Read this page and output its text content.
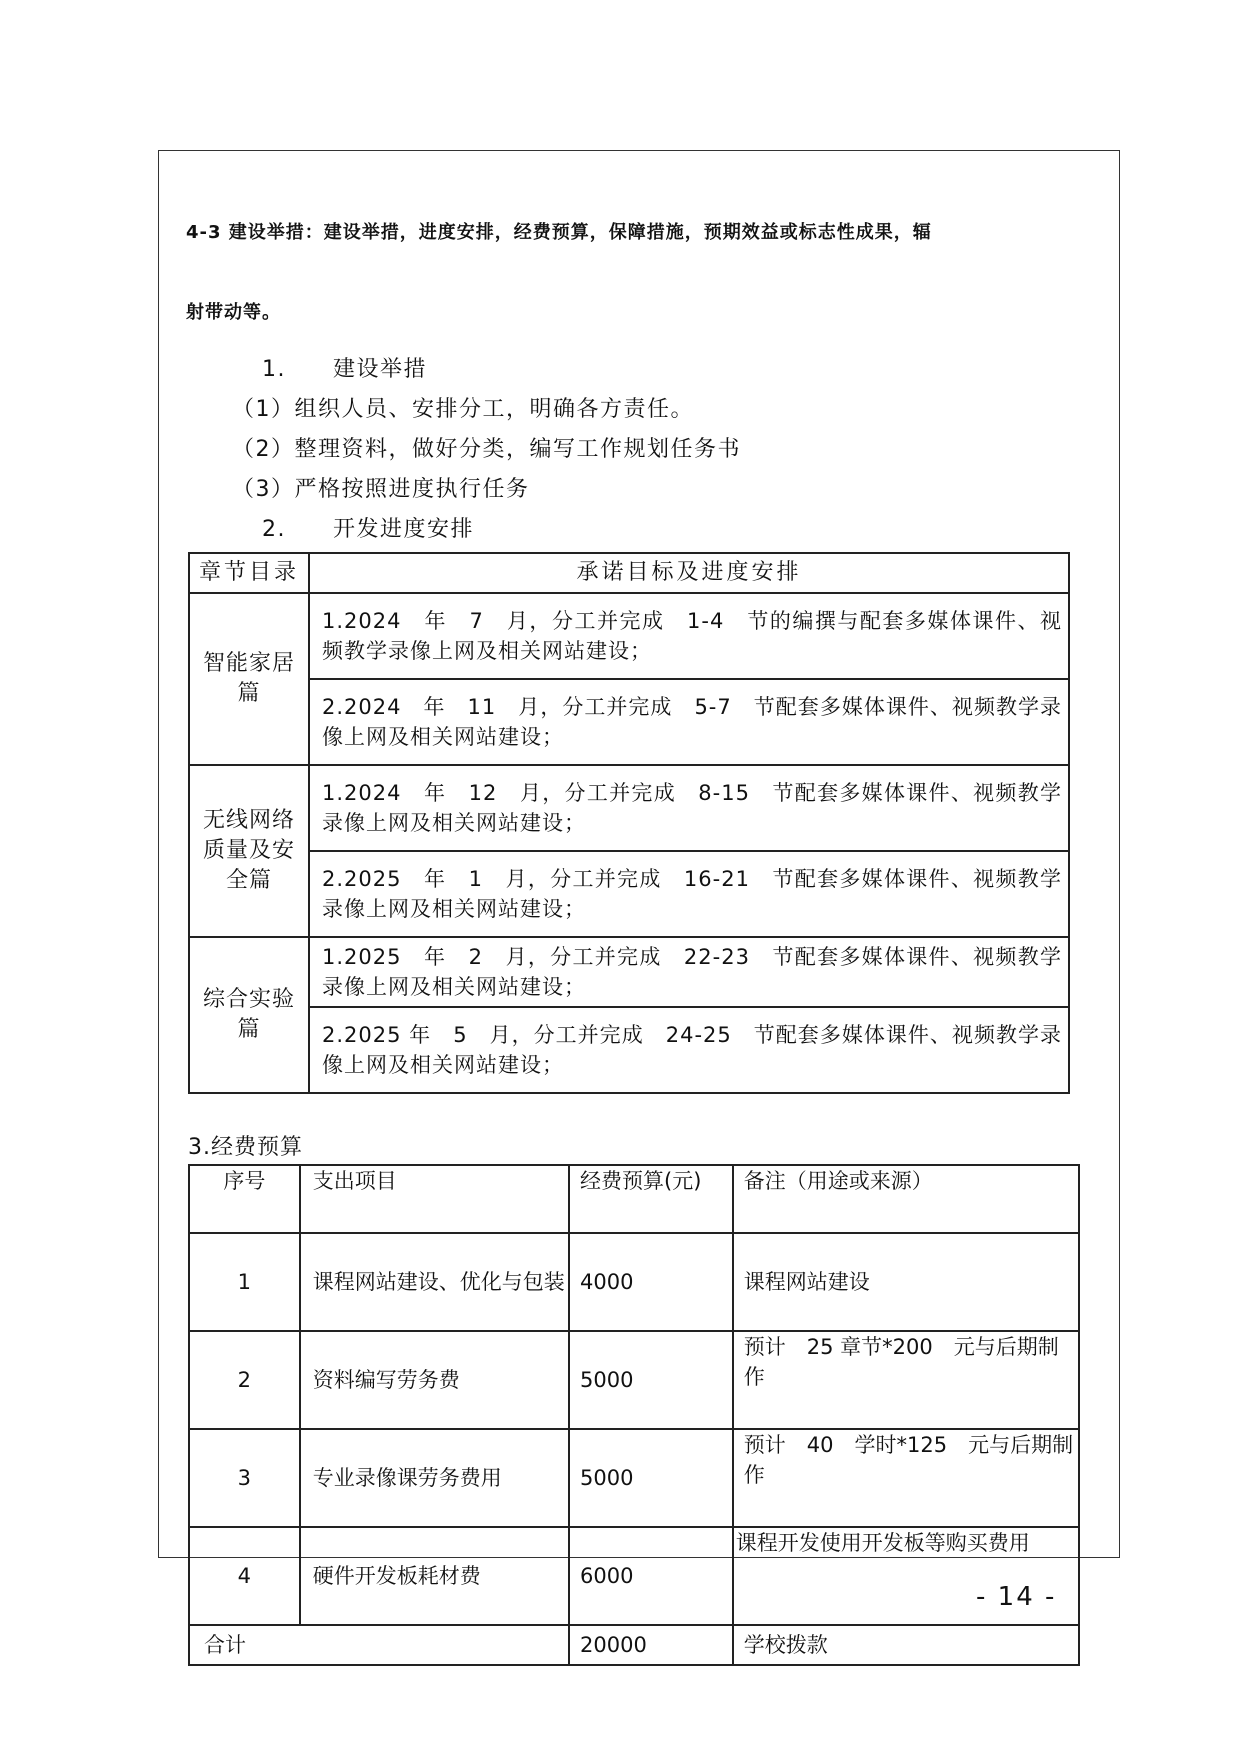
4-3 建设举措：建设举措，进度安排，经费预算，保障措施，预期效益或标志性成果，辐
射带动等。
1.　　建设举措
（1）组织人员、安排分工，明确各方责任。
（2）整理资料，做好分类，编写工作规划任务书
（3）严格按照进度执行任务
2.　　开发进度安排
章节目录	承诺目标及进度安排
智能家居篇	1.2024　年　7　月，分工并完成　1-4　节的编撰与配套多媒体课件、视频教学录像上网及相关网站建设；
	2.2024　年　11　月，分工并完成　5-7　节配套多媒体课件、视频教学录像上网及相关网站建设；
无线网络质量及安全篇	1.2024　年　12　月，分工并完成　8-15　节配套多媒体课件、视频教学录像上网及相关网站建设；
	2.2025　年　1　月，分工并完成　16-21　节配套多媒体课件、视频教学录像上网及相关网站建设；
综合实验篇	1.2025　年　2　月，分工并完成　22-23　节配套多媒体课件、视频教学录像上网及相关网站建设；
	2.2025 年　5　月，分工并完成　24-25　节配套多媒体课件、视频教学录像上网及相关网站建设；
3.经费预算
序号	支出项目	经费预算(元)	备注（用途或来源）
1	课程网站建设、优化与包装	4000	课程网站建设
2	资料编写劳务费	5000	预计　25 章节*200　元与后期制作
3	专业录像课劳务费用	5000	预计　40　学时*125　元与后期制作
4	硬件开发板耗材费	6000	课程开发使用开发板等购买费用
合计		20000	学校拨款
- 14 -
